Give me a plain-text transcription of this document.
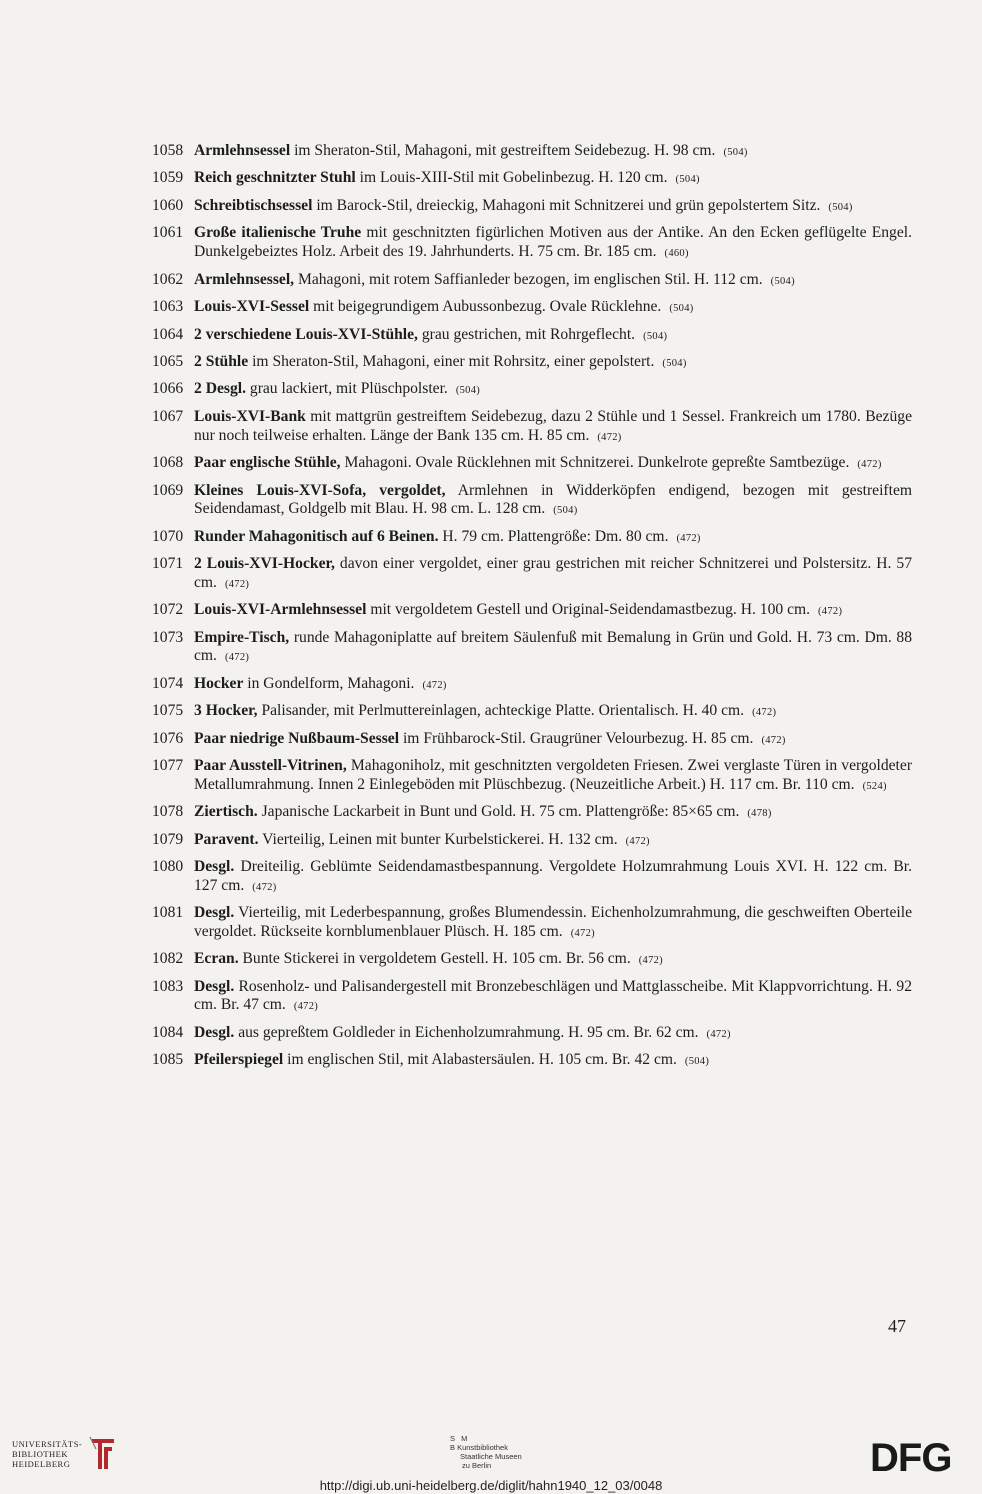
1058 Armlehnsessel im Sheraton-Stil, Mahagoni, mit gestreiftem Seidebezug. H. 98 cm. (504)
1059 Reich geschnitzter Stuhl im Louis-XIII-Stil mit Gobelinbezug. H. 120 cm. (504)
1060 Schreibtischsessel im Barock-Stil, dreieckig, Mahagoni mit Schnitzerei und grün gepolstertem Sitz. (504)
1061 Große italienische Truhe mit geschnitzten figürlichen Motiven aus der Antike. An den Ecken geflügelte Engel. Dunkelgebeiztes Holz. Arbeit des 19. Jahrhunderts. H. 75 cm. Br. 185 cm. (460)
1062 Armlehnsessel, Mahagoni, mit rotem Saffianleder bezogen, im englischen Stil. H. 112 cm. (504)
1063 Louis-XVI-Sessel mit beigegrundigem Aubussonbezug. Ovale Rücklehne. (504)
1064 2 verschiedene Louis-XVI-Stühle, grau gestrichen, mit Rohrgeflecht. (504)
1065 2 Stühle im Sheraton-Stil, Mahagoni, einer mit Rohrsitz, einer gepolstert. (504)
1066 2 Desgl. grau lackiert, mit Plüschpolster. (504)
1067 Louis-XVI-Bank mit mattgrün gestreiftem Seidebezug, dazu 2 Stühle und 1 Sessel. Frankreich um 1780. Bezüge nur noch teilweise erhalten. Länge der Bank 135 cm. H. 85 cm. (472)
1068 Paar englische Stühle, Mahagoni. Ovale Rücklehnen mit Schnitzerei. Dunkelrote gepreßte Samtbezüge. (472)
1069 Kleines Louis-XVI-Sofa, vergoldet, Armlehnen in Widderköpfen endigend, bezogen mit gestreiftem Seidendamast, Goldgelb mit Blau. H. 98 cm. L. 128 cm. (504)
1070 Runder Mahagonitisch auf 6 Beinen. H. 79 cm. Plattengröße: Dm. 80 cm. (472)
1071 2 Louis-XVI-Hocker, davon einer vergoldet, einer grau gestrichen mit reicher Schnitzerei und Polstersitz. H. 57 cm. (472)
1072 Louis-XVI-Armlehnsessel mit vergoldetem Gestell und Original-Seidendamastbezug. H. 100 cm. (472)
1073 Empire-Tisch, runde Mahagoniplatte auf breitem Säulenfuß mit Bemalung in Grün und Gold. H. 73 cm. Dm. 88 cm. (472)
1074 Hocker in Gondelform, Mahagoni. (472)
1075 3 Hocker, Palisander, mit Perlmuttereinlagen, achteckige Platte. Orientalisch. H. 40 cm. (472)
1076 Paar niedrige Nußbaum-Sessel im Frühbarock-Stil. Graugrüner Velourbezug. H. 85 cm. (472)
1077 Paar Ausstell-Vitrinen, Mahagoniholz, mit geschnitzten vergoldeten Friesen. Zwei verglaste Türen in vergoldeter Metallumrahmung. Innen 2 Einlegeböden mit Plüschbezug. (Neuzeitliche Arbeit.) H. 117 cm. Br. 110 cm. (524)
1078 Ziertisch. Japanische Lackarbeit in Bunt und Gold. H. 75 cm. Plattengröße: 85×65 cm. (478)
1079 Paravent. Vierteilig, Leinen mit bunter Kurbelstickerei. H. 132 cm. (472)
1080 Desgl. Dreiteilig. Geblümte Seidendamastbespannung. Vergoldete Holzumrahmung Louis XVI. H. 122 cm. Br. 127 cm. (472)
1081 Desgl. Vierteilig, mit Lederbespannung, großes Blumendessin. Eichenholzumrahmung, die geschweiften Oberteile vergoldet. Rückseite kornblumenblauer Plüsch. H. 185 cm. (472)
1082 Ecran. Bunte Stickerei in vergoldetem Gestell. H. 105 cm. Br. 56 cm. (472)
1083 Desgl. Rosenholz- und Palisandergestell mit Bronzebeschlägen und Mattglasscheibe. Mit Klappvorrichtung. H. 92 cm. Br. 47 cm. (472)
1084 Desgl. aus gepreßtem Goldleder in Eichenholzumrahmung. H. 95 cm. Br. 62 cm. (472)
1085 Pfeilerspiegel im englischen Stil, mit Alabastersäulen. H. 105 cm. Br. 42 cm. (504)
47
UNIVERSITÄTS-
BIBLIOTHEK
HEIDELBERG
S M
B Kunstbibliothek
Staatliche Museen
zu Berlin	DFG
http://digi.ub.uni-heidelberg.de/diglit/hahn1940_12_03/0048
